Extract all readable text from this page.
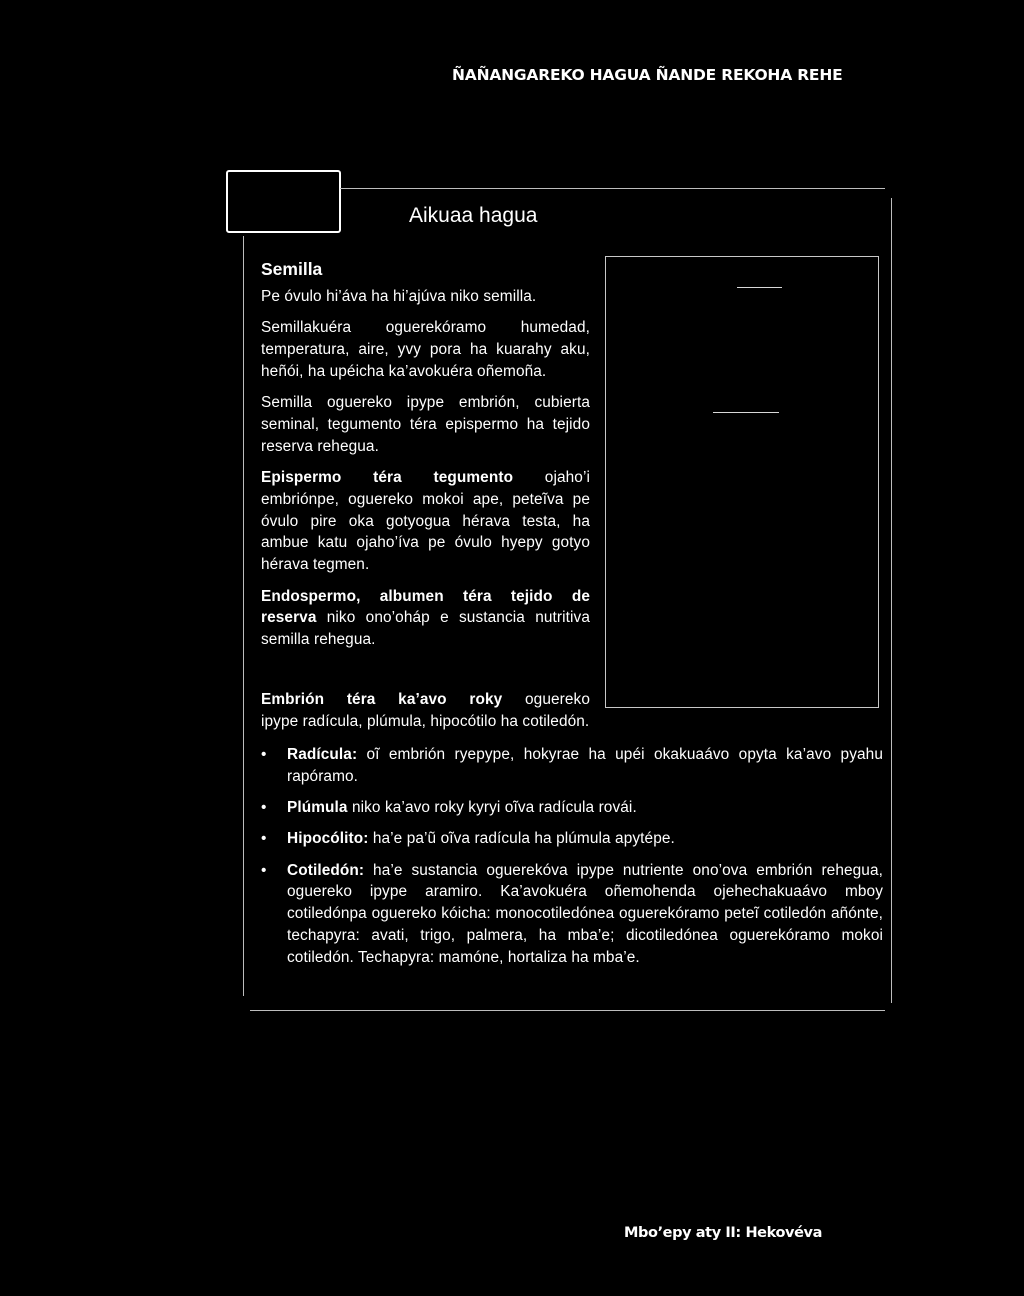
ÑAÑANGAREKO HAGUA ÑANDE REKOHA REHE
Aikuaa hagua
Semilla

Pe óvulo hi’áva ha hi’ajúva niko semilla.

Semillakuéra oguerekóramo humedad, temperatura, aire, yvy pora ha kuarahy aku, heñói, ha upéicha ka’avokuéra oñemoña.

Semilla oguereko ipype embrión, cubierta seminal, tegumento téra epispermo ha tejido reserva rehegua.

Epispermo téra tegumento ojaho’i embriónpe, oguereko mokoi ape, peteĩva pe óvulo pire oka gotyogua hérava testa, ha ambue katu ojaho’íva pe óvulo hyepy gotyo hérava tegmen.

Endospermo, albumen téra tejido de reserva niko ono’oháp e sustancia nutritiva semilla rehegua.

Embrión téra ka’avo roky oguereko
ipype radícula, plúmula, hipocótilo ha cotiledón.
• Radícula: oĩ embrión ryepype, hokyrae ha upéi okakuaávo opyta ka’avo pyahu rapóramo.
• Plúmula niko ka’avo roky kyryi oĩva radícula rovái.
• Hipocólito: ha’e pa’ũ oĩva radícula ha plúmula apytépe.
• Cotiledón: ha’e sustancia oguerekóva ipype nutriente ono’ova embrión rehegua, oguereko ipype aramiro. Ka’avokuéra oñemohenda ojehechakuaávo mboy cotiledónpa oguereko kóicha: monocotiledónea oguerekóramo peteĩ cotiledón añónte, techapyra: avati, trigo, palmera, ha mba’e; dicotiledónea oguerekóramo mokoi cotiledón. Techapyra: mamóne, hortaliza ha mba’e.
Mbo’epy aty II: Hekovéva
